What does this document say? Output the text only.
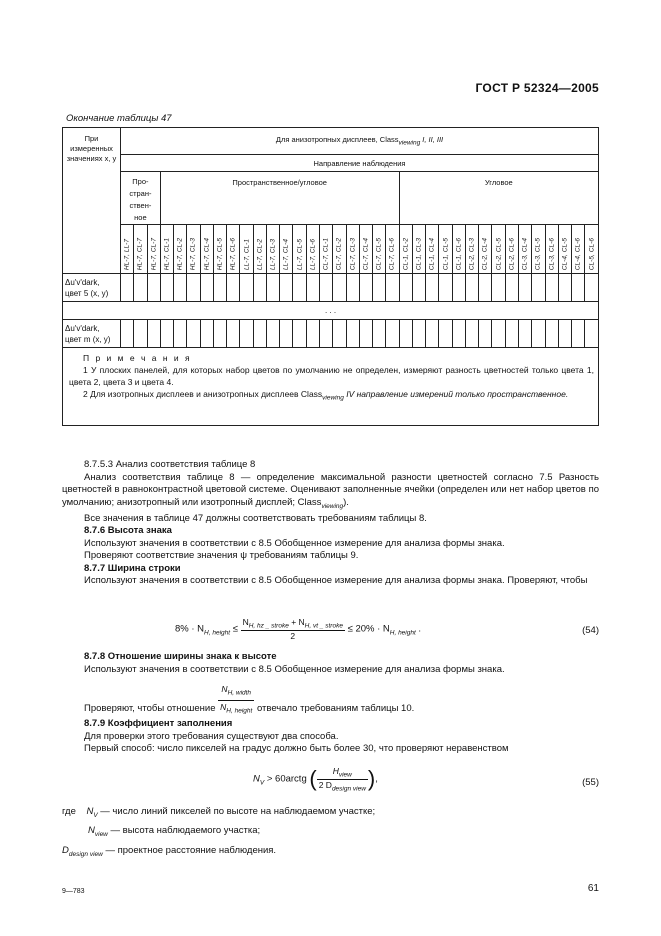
ГОСТ Р 52324—2005
Окончание таблицы 47
При измеренных значениях x, y	Для анизотропных дисплеев, Class$_{viewing}$ I, II, III																																			
	Направление наблюдения																																			
	Про-
стран-
ствен-
ное			Пространственное/угловое																		Угловое														

	HL-7, LL-7	HL-7, CL-7	HL-7, CL-7	HL-7, CL-1	HL-7, CL-2	HL-7, CL-3	HL-7, CL-4	HL-7, CL-5	HL-7, CL-6	LL-7, CL-1	LL-7, CL-2	LL-7, CL-3	LL-7, CL-4	LL-7, CL-5	LL-7, CL-6	CL-7, CL-1	CL-7, CL-2	CL-7, CL-3	CL-7, CL-4	CL-7, CL-5	CL-7, CL-6	CL-1, CL-2	CL-1, CL-3	CL-1, CL-4	CL-1, CL-5	CL-1, CL-6	CL-2, CL-3	CL-2, CL-4	CL-2, CL-5	CL-2, CL-6	CL-3, CL-4	CL-3, CL-5	CL-3, CL-6	CL-4, CL-5	CL-4, CL-6	CL-5, CL-6

Δu'v'dark,
цвет 5 (x, y)																																				
. . .																																				
Δu'v'dark,
цвет m (x, y)																																				

П р и м е ч а н и я

1 У плоских панелей, для которых набор цветов по умолчанию не определен, измеряют разность цветностей только цвета 1, цвета 2, цвета 3 и цвета 4.

2 Для изотропных дисплеев и анизотропных дисплеев Class$_{viewing}$ IV направление измерений только пространственное.																																				

8.7.5.3 Анализ соответствия таблице 8

Анализ соответствия таблице 8 — определение максимальной разности цветностей согласно 7.5 Разность цветностей в равноконтрастной цветовой системе. Оценивают заполненные ячейки (определен или нет набор цветов по умолчанию; анизотропный или изотропный дисплей; Class$_{viewing}$).

Все значения в таблице 47 должны соответствовать требованиям таблицы 8.

8.7.6 Высота знака

Используют значения в соответствии с 8.5 Обобщенное измерение для анализа формы знака.

Проверяют соответствие значения ψ требованиям таблицы 9.

8.7.7 Ширина строки

Используют значения в соответствии с 8.5 Обобщенное измерение для анализа формы знака. Проверяют, чтобы

$8\% \cdot N_{H, height} \le \frac{N_{H, hz \_ stroke} + N_{H, vt \_ stroke}}{2} \le 20\% \cdot N_{H, height}$ .	(54)

8.7.8 Отношение ширины знака к высоте

Используют значения в соответствии с 8.5 Обобщенное измерение для анализа формы знака.

Проверяют, чтобы отношение $\frac{N_{H, width}}{N_{H, height}}$ отвечало требованиям таблицы 10.

8.7.9 Коэффициент заполнения

Для проверки этого требования существуют два способа.

Первый способ: число пикселей на градус должно быть более 30, что проверяют неравенством

$N_V$ > 60arctg ( $\frac{H_{view}}{2 D_{design view}}$ ),	(55)
где $N_V$ — число линий пикселей по высоте на наблюдаемом участке;
$N_{view}$ — высота наблюдаемого участка;
$D_{design view}$ — проектное расстояние наблюдения.
9—783	61
